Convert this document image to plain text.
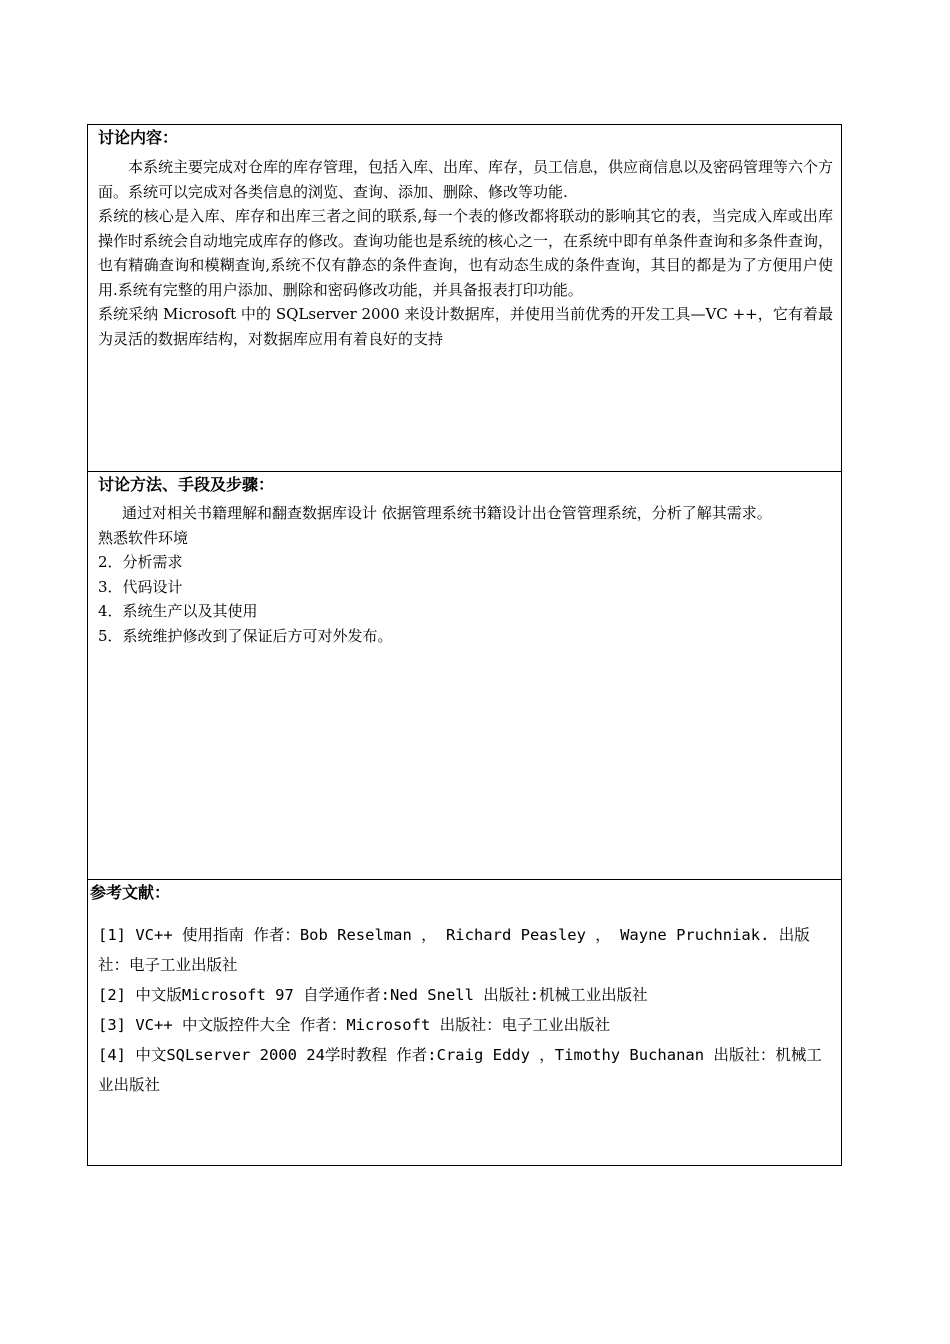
讨论内容：

本系统主要完成对仓库的库存管理，包括入库、出库、库存，员工信息，供应商信息以及密码管理等六个方面。系统可以完成对各类信息的浏览、查询、添加、删除、修改等功能.

系统的核心是入库、库存和出库三者之间的联系,每一个表的修改都将联动的影响其它的表，当完成入库或出库操作时系统会自动地完成库存的修改。查询功能也是系统的核心之一，在系统中即有单条件查询和多条件查询，也有精确查询和模糊查询,系统不仅有静态的条件查询，也有动态生成的条件查询，其目的都是为了方便用户使用.系统有完整的用户添加、删除和密码修改功能，并具备报表打印功能。

系统采纳 Microsoft 中的 SQLserver 2000 来设计数据库，并使用当前优秀的开发工具—VC ++，它有着最为灵活的数据库结构，对数据库应用有着良好的支持

讨论方法、手段及步骤：

通过对相关书籍理解和翻查数据库设计 依据管理系统书籍设计出仓管管理系统，分析了解其需求。

熟悉软件环境

2．分析需求

3．代码设计

4．系统生产以及其使用

5．系统维护修改到了保证后方可对外发布。

参考文献：

[1] VC++ 使用指南 作者：Bob Reselman ， Richard Peasley ， Wayne Pruchniak. 出版社：电子工业出版社

[2] 中文版Microsoft 97 自学通作者:Ned Snell 出版社:机械工业出版社

[3] VC++ 中文版控件大全 作者：Microsoft 出版社：电子工业出版社

[4] 中文SQLserver 2000 24学时教程 作者:Craig Eddy ，Timothy Buchanan 出版社：机械工业出版社
